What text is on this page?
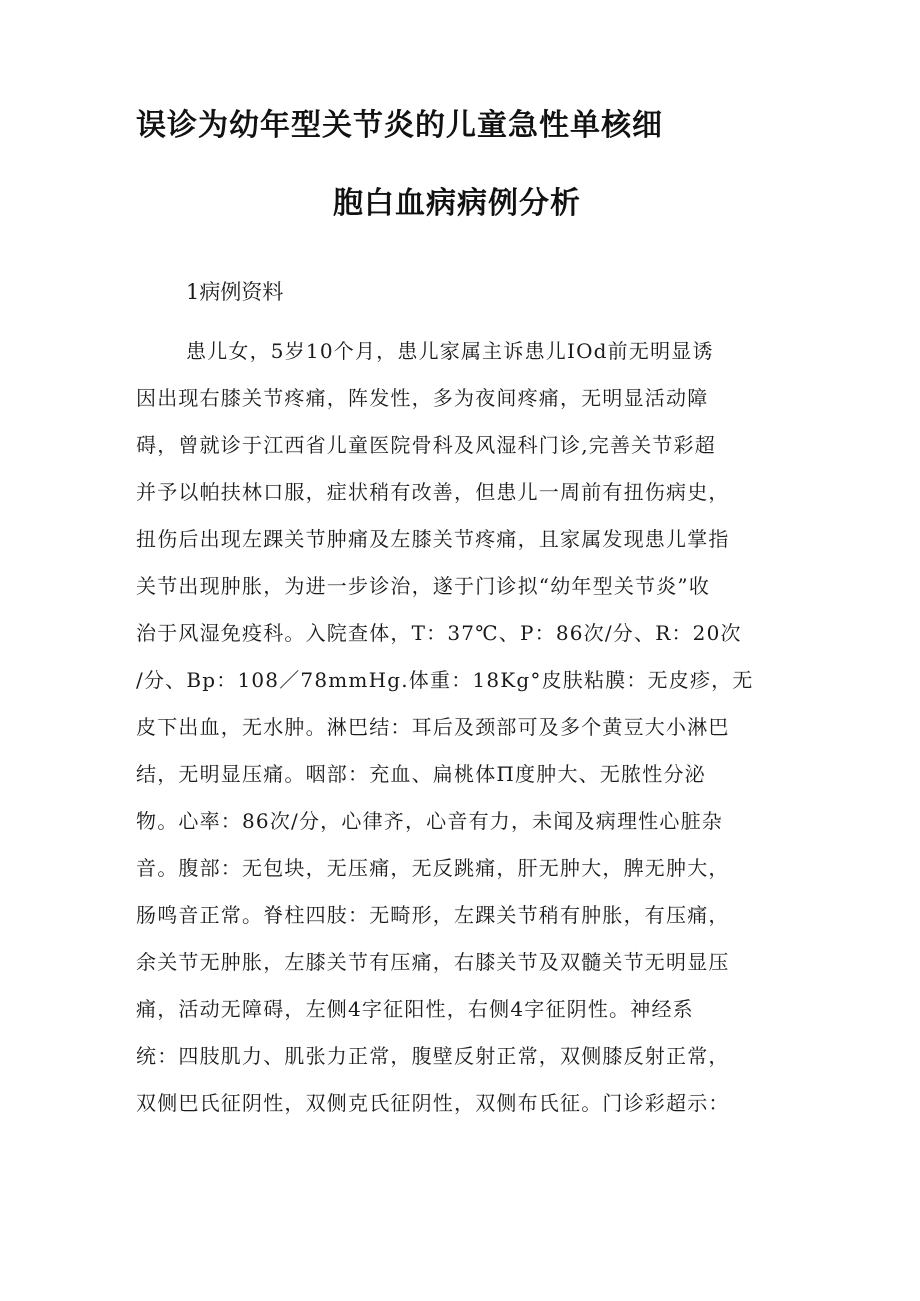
误诊为幼年型关节炎的儿童急性单核细
胞白血病病例分析
1病例资料
患儿女，5岁10个月，患儿家属主诉患儿IOd前无明显诱
因出现右膝关节疼痛，阵发性，多为夜间疼痛，无明显活动障
碍，曾就诊于江西省儿童医院骨科及风湿科门诊,完善关节彩超
并予以帕扶林口服，症状稍有改善，但患儿一周前有扭伤病史，
扭伤后出现左踝关节肿痛及左膝关节疼痛，且家属发现患儿掌指
关节出现肿胀，为进一步诊治，遂于门诊拟“幼年型关节炎”收
治于风湿免疫科。入院查体，T：37℃、P：86次/分、R：20次
/分、Bp：108／78mmHg.体重：18Kg°皮肤粘膜：无皮疹，无
皮下出血，无水肿。淋巴结：耳后及颈部可及多个黄豆大小淋巴
结，无明显压痛。咽部：充血、扁桃体Π度肿大、无脓性分泌
物。心率：86次/分，心律齐，心音有力，未闻及病理性心脏杂
音。腹部：无包块，无压痛，无反跳痛，肝无肿大，脾无肿大，
肠鸣音正常。脊柱四肢：无畸形，左踝关节稍有肿胀，有压痛，
余关节无肿胀，左膝关节有压痛，右膝关节及双髓关节无明显压
痛，活动无障碍，左侧4字征阳性，右侧4字征阴性。神经系
统：四肢肌力、肌张力正常，腹壁反射正常，双侧膝反射正常，
双侧巴氏征阴性，双侧克氏征阴性，双侧布氏征。门诊彩超示：
